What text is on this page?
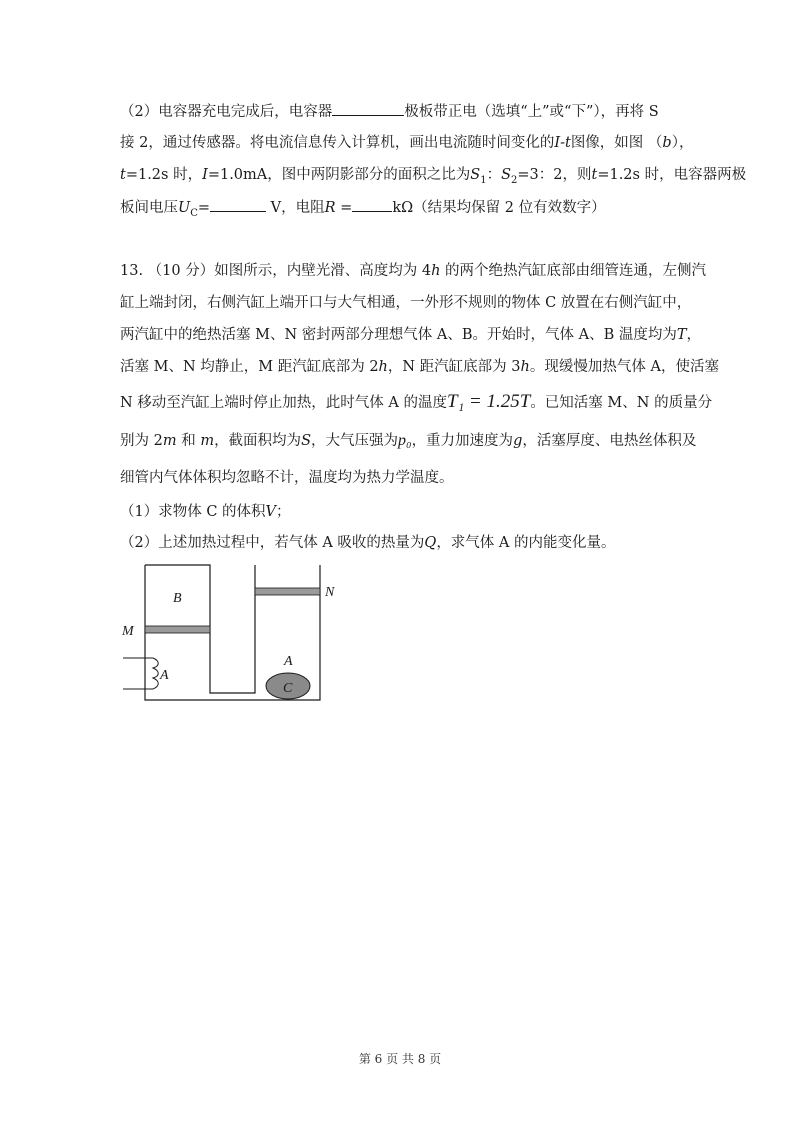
（2）电容器充电完成后，电容器	极板带正电（选填“上”或“下”），再将 S
接 2，通过传感器。将电流信息传入计算机，画出电流随时间变化的I-t图像，如图 （b），
t=1.2s 时，I=1.0mA，图中两阴影部分的面积之比为$S_1$：$S_2=3$：2，则t=1.2s 时，电容器两极
板间电压$U_C=$	V，电阻R =	kΩ（结果均保留 2 位有效数字）
13. （10 分）如图所示，内壁光滑、高度均为 4h 的两个绝热汽缸底部由细管连通，左侧汽
缸上端封闭，右侧汽缸上端开口与大气相通，一外形不规则的物体 C 放置在右侧汽缸中，
两汽缸中的绝热活塞 M、N 密封两部分理想气体 A、B。开始时，气体 A、B 温度均为T，
活塞 M、N 均静止，M 距汽缸底部为 2h，N 距汽缸底部为 3h。现缓慢加热气体 A，使活塞
N 移动至汽缸上端时停止加热，此时气体 A 的温度T₁ = 1.25T。已知活塞 M、N 的质量分
别为 2m 和 m，截面积均为S，大气压强为p₀，重力加速度为g，活塞厚度、电热丝体积及
细管内气体体积均忽略不计，温度均为热力学温度。
（1）求物体 C 的体积V；
（2）上述加热过程中，若气体 A 吸收的热量为Q，求气体 A 的内能变化量。
B	N
M
A
A
C
第 6 页 共 8 页
